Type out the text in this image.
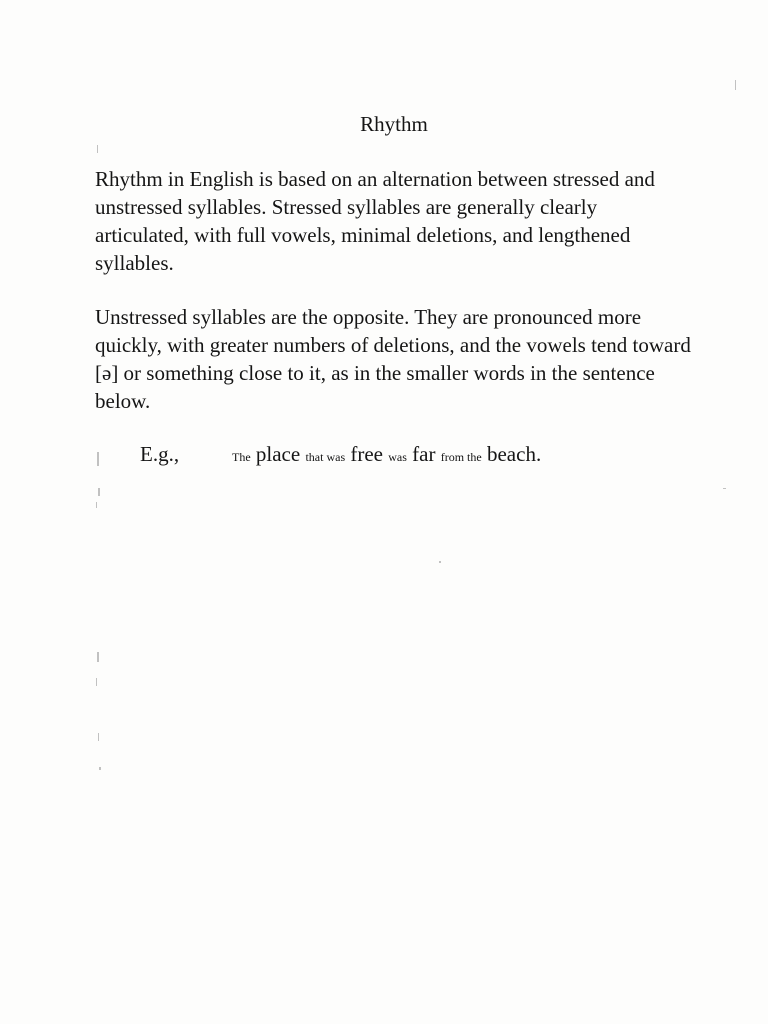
Rhythm

Rhythm in English is based on an alternation between stressed and unstressed syllables. Stressed syllables are generally clearly articulated, with full vowels, minimal deletions, and lengthened syllables.

Unstressed syllables are the opposite. They are pronounced more quickly, with greater numbers of deletions, and the vowels tend toward [ə] or something close to it, as in the smaller words in the sentence below.

E.g.,	The place that was free was far from the beach.
